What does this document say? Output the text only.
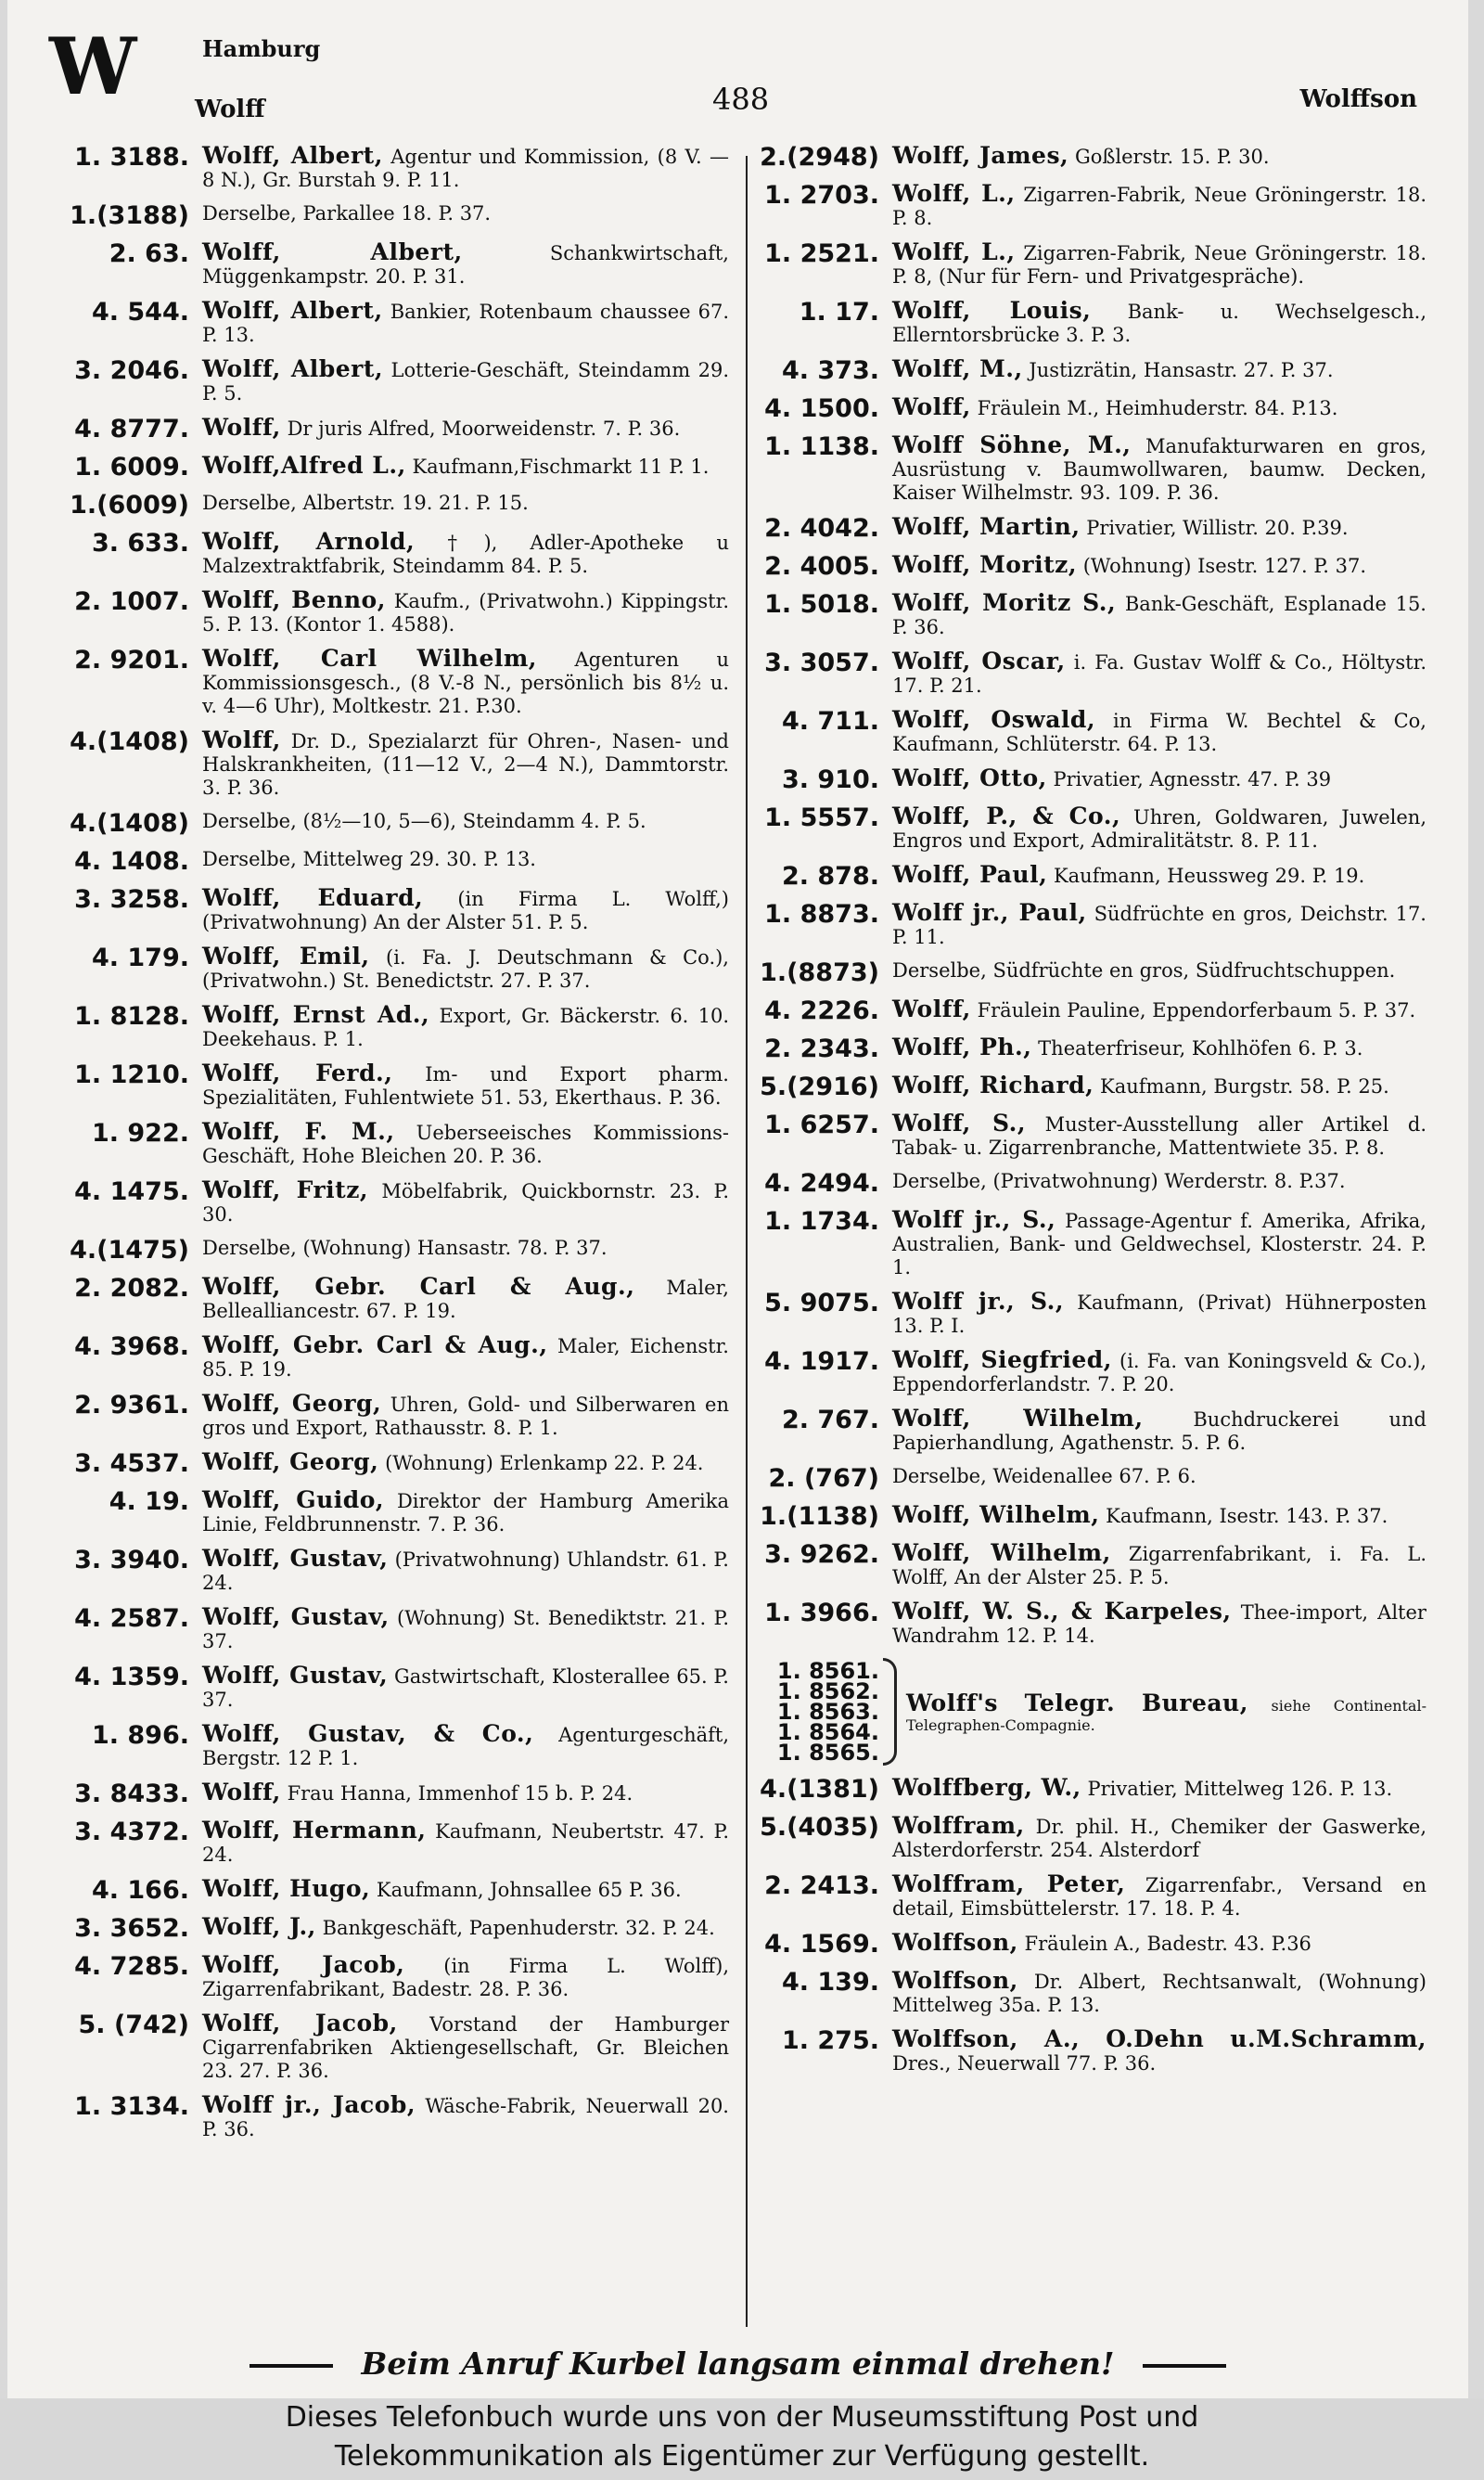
W	Hamburg
Wolff	488	Wolffson
1. 3188. Wolff, Albert, Agentur und Kommission, (8 V. —8 N.), Gr. Burstah 9. P. 11.
1.(3188) Derselbe, Parkallee 18. P. 37.
2. 63. Wolff, Albert,	Schankwirtschaft, Müggenkampstr. 20. P. 31.
4. 544. Wolff, Albert, Bankier, Rotenbaum chaussee 67. P. 13.
3. 2046. Wolff, Albert, Lotterie-Geschäft, Steindamm 29. P. 5.
4. 8777. Wolff, Dr juris Alfred, Moorweidenstr. 7. P. 36.
1. 6009. Wolff,Alfred L., Kaufmann,Fischmarkt 11 P. 1.
1.(6009) Derselbe, Albertstr. 19. 21. P. 15.
3. 633. Wolff, Arnold, †), Adler-Apotheke u Malzextraktfabrik, Steindamm 84. P. 5.
2. 1007. Wolff, Benno, Kaufm., (Privatwohn.) Kippingstr. 5. P. 13. (Kontor 1. 4588).
2. 9201. Wolff, Carl Wilhelm, Agenturen u Kommissionsgesch., (8 V.-8 N., persönlich bis 8½ u. v. 4—6 Uhr), Moltkestr. 21. P.30.
4.(1408) Wolff, Dr. D., Spezialarzt für Ohren-, Nasen- und Halskrankheiten, (11—12 V., 2—4 N.), Dammtorstr. 3. P. 36.
4.(1408) Derselbe, (8½—10, 5—6), Steindamm 4. P. 5.
4. 1408. Derselbe, Mittelweg 29. 30. P. 13.
3. 3258. Wolff, Eduard, (in Firma L. Wolff,) (Privatwohnung) An der Alster 51. P. 5.
4. 179. Wolff, Emil, (i. Fa. J. Deutschmann & Co.), (Privatwohn.) St. Benedictstr. 27. P. 37.
1. 8128. Wolff, Ernst Ad., Export, Gr. Bäckerstr. 6. 10. Deekehaus. P. 1.
1. 1210. Wolff, Ferd., Im- und Export pharm. Spezialitäten, Fuhlentwiete 51. 53, Ekerthaus. P. 36.
1. 922. Wolff, F. M., Ueberseeisches Kommissions-Geschäft, Hohe Bleichen 20. P. 36.
4. 1475. Wolff, Fritz, Möbelfabrik, Quickbornstr. 23. P. 30.
4.(1475) Derselbe, (Wohnung) Hansastr. 78. P. 37.
2. 2082. Wolff, Gebr. Carl & Aug., Maler, Bellealliancestr. 67. P. 19.
4. 3968. Wolff, Gebr. Carl & Aug., Maler, Eichenstr. 85. P. 19.
2. 9361. Wolff, Georg, Uhren, Gold- und Silberwaren en gros und Export, Rathausstr. 8. P. 1.
3. 4537. Wolff, Georg, (Wohnung) Erlenkamp 22. P. 24.
4. 19. Wolff, Guido, Direktor der Hamburg Amerika Linie, Feldbrunnenstr. 7. P. 36.
3. 3940. Wolff, Gustav, (Privatwohnung) Uhlandstr. 61. P. 24.
4. 2587. Wolff, Gustav, (Wohnung) St. Benediktstr. 21. P. 37.
4. 1359. Wolff, Gustav, Gastwirtschaft, Klosterallee 65. P. 37.
1. 896. Wolff, Gustav, & Co., Agenturgeschäft, Bergstr. 12 P. 1.
3. 8433. Wolff, Frau Hanna, Immenhof 15 b. P. 24.
3. 4372. Wolff, Hermann, Kaufmann, Neubertstr. 47. P. 24.
4. 166. Wolff, Hugo, Kaufmann, Johnsallee 65 P. 36.
3. 3652. Wolff, J., Bankgeschäft, Papenhuderstr. 32. P. 24.
4. 7285. Wolff, Jacob, (in Firma L. Wolff), Zigarrenfabrikant, Badestr. 28. P. 36.
5. (742) Wolff, Jacob, Vorstand der Hamburger Cigarrenfabriken Aktiengesellschaft, Gr. Bleichen 23. 27. P. 36.
1. 3134. Wolff jr., Jacob, Wäsche-Fabrik, Neuerwall 20. P. 36.
2.(2948) Wolff, James, Goßlerstr. 15. P. 30.
1. 2703. Wolff, L., Zigarren-Fabrik, Neue Gröningerstr. 18. P. 8.
1. 2521. Wolff, L., Zigarren-Fabrik, Neue Gröningerstr. 18. P. 8, (Nur für Fern- und Privatgespräche).
1. 17. Wolff, Louis, Bank- u. Wechselgesch., Ellerntorsbrücke 3. P. 3.
4. 373. Wolff, M., Justizrätin, Hansastr. 27. P. 37.
4. 1500. Wolff, Fräulein M., Heimhuderstr. 84. P.13.
1. 1138. Wolff Söhne, M., Manufakturwaren en gros, Ausrüstung v. Baumwollwaren, baumw. Decken, Kaiser Wilhelmstr. 93. 109. P. 36.
2. 4042. Wolff, Martin, Privatier, Willistr. 20. P.39.
2. 4005. Wolff, Moritz, (Wohnung) Isestr. 127. P. 37.
1. 5018. Wolff, Moritz S., Bank-Geschäft, Esplanade 15. P. 36.
3. 3057. Wolff, Oscar, i. Fa. Gustav Wolff & Co., Höltystr. 17. P. 21.
4. 711. Wolff, Oswald, in Firma W. Bechtel & Co, Kaufmann, Schlüterstr. 64. P. 13.
3. 910. Wolff, Otto, Privatier, Agnesstr. 47. P. 39
1. 5557. Wolff, P., & Co., Uhren, Goldwaren, Juwelen, Engros und Export, Admiralitätstr. 8. P. 11.
2. 878. Wolff, Paul, Kaufmann, Heussweg 29. P. 19.
1. 8873. Wolff jr., Paul, Südfrüchte en gros, Deichstr. 17. P. 11.
1.(8873) Derselbe, Südfrüchte en gros, Südfruchtschuppen.
4. 2226. Wolff, Fräulein Pauline, Eppendorferbaum 5. P. 37.
2. 2343. Wolff, Ph., Theaterfriseur, Kohlhöfen 6. P. 3.
5.(2916) Wolff, Richard, Kaufmann, Burgstr. 58. P. 25.
1. 6257. Wolff, S., Muster-Ausstellung aller Artikel d. Tabak- u. Zigarrenbranche, Mattentwiete 35. P. 8.
4. 2494. Derselbe, (Privatwohnung) Werderstr. 8. P.37.
1. 1734. Wolff jr., S., Passage-Agentur f. Amerika, Afrika, Australien, Bank- und Geldwechsel, Klosterstr. 24. P. 1.
5. 9075. Wolff jr., S., Kaufmann, (Privat) Hühnerposten 13. P. I.
4. 1917. Wolff, Siegfried, (i. Fa. van Koningsveld & Co.), Eppendorferlandstr. 7. P. 20.
2. 767. Wolff, Wilhelm,	Buchdruckerei und Papierhandlung, Agathenstr. 5. P. 6.
2. (767) Derselbe, Weidenallee 67. P. 6.
1.(1138) Wolff, Wilhelm, Kaufmann, Isestr. 143. P. 37.
3. 9262. Wolff, Wilhelm, Zigarrenfabrikant, i. Fa. L. Wolff, An der Alster 25. P. 5.
1. 3966. Wolff, W. S., & Karpeles, Thee-import, Alter Wandrahm 12. P. 14.
1. 8561.
1. 8562.
1. 8563.
1. 8564.
1. 8565.
Wolff's Telegr. Bureau, siehe Continental-Telegraphen-Compagnie.
4.(1381) Wolffberg, W., Privatier, Mittelweg 126. P. 13.
5.(4035) Wolffram, Dr. phil. H., Chemiker der Gaswerke, Alsterdorferstr. 254. Alsterdorf
2. 2413. Wolffram, Peter, Zigarrenfabr., Versand en detail, Eimsbüttelerstr. 17. 18. P. 4.
4. 1569. Wolffson, Fräulein A., Badestr. 43. P.36
4. 139. Wolffson, Dr. Albert, Rechtsanwalt, (Wohnung) Mittelweg 35a. P. 13.
1. 275. Wolffson, A., O.Dehn u.M.Schramm, Dres., Neuerwall 77. P. 36.
Beim Anruf Kurbel langsam einmal drehen!
Dieses Telefonbuch wurde uns von der Museumsstiftung Post und
Telekommunikation als Eigentümer zur Verfügung gestellt.
